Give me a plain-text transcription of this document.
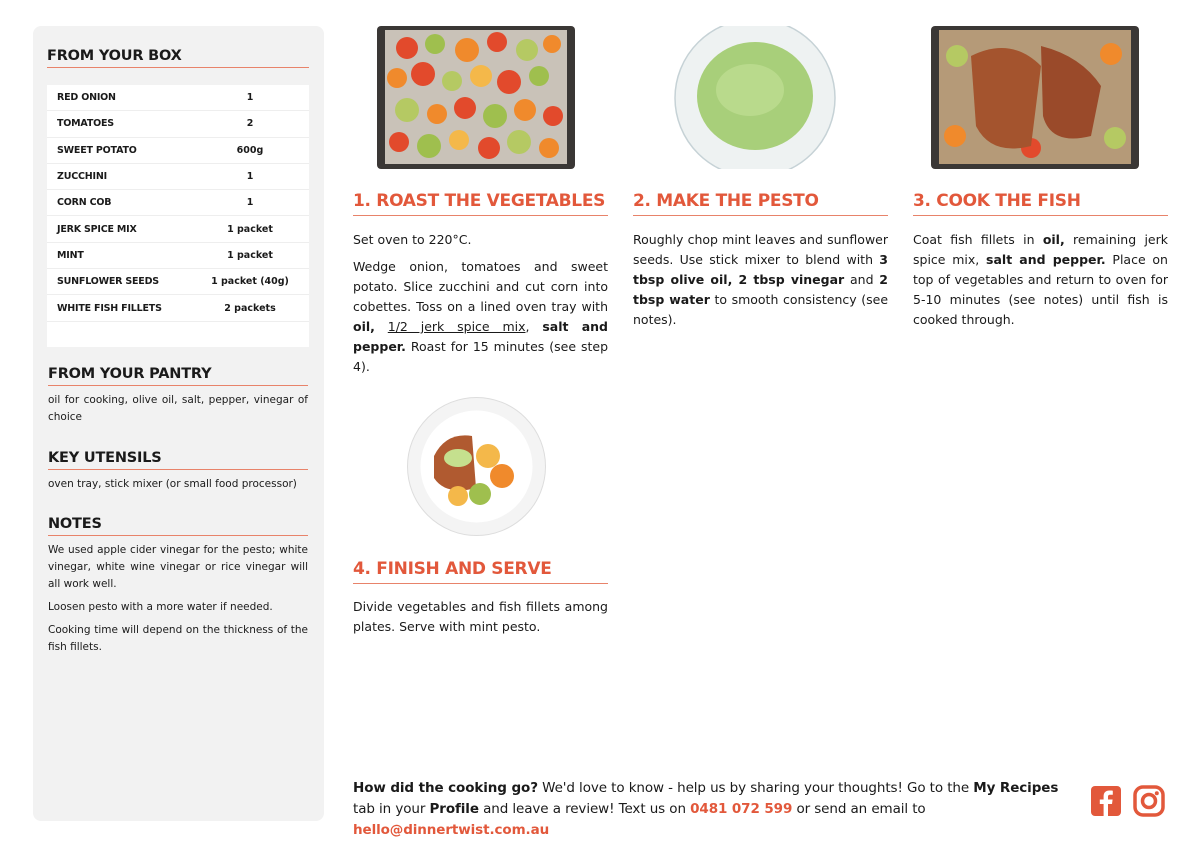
FROM YOUR BOX
RED ONION	1
TOMATOES	2
SWEET POTATO	600g
ZUCCHINI	1
CORN COB	1
JERK SPICE MIX	1 packet
MINT	1 packet
SUNFLOWER SEEDS	1 packet (40g)
WHITE FISH FILLETS	2 packets
FROM YOUR PANTRY

oil for cooking, olive oil, salt, pepper, vinegar of choice

KEY UTENSILS

oven tray, stick mixer (or small food processor)

NOTES

We used apple cider vinegar for the pesto; white vinegar, white wine vinegar or rice vinegar will all work well.

Loosen pesto with a more water if needed.

Cooking time will depend on the thickness of the fish fillets.

1. ROAST THE VEGETABLES

Set oven to 220°C.

Wedge onion, tomatoes and sweet potato. Slice zucchini and cut corn into cobettes. Toss on a lined oven tray with oil, 1/2 jerk spice mix, salt and pepper. Roast for 15 minutes (see step 4).

2. MAKE THE PESTO

Roughly chop mint leaves and sunflower seeds. Use stick mixer to blend with 3 tbsp olive oil, 2 tbsp vinegar and 2 tbsp water to smooth consistency (see notes).

3. COOK THE FISH

Coat fish fillets in oil, remaining jerk spice mix, salt and pepper. Place on top of vegetables and return to oven for 5-10 minutes (see notes) until fish is cooked through.

4. FINISH AND SERVE

Divide vegetables and fish fillets among plates. Serve with mint pesto.

How did the cooking go? We'd love to know - help us by sharing your thoughts! Go to the My Recipes tab in your Profile and leave a review! Text us on 0481 072 599 or send an email to hello@dinnertwist.com.au
